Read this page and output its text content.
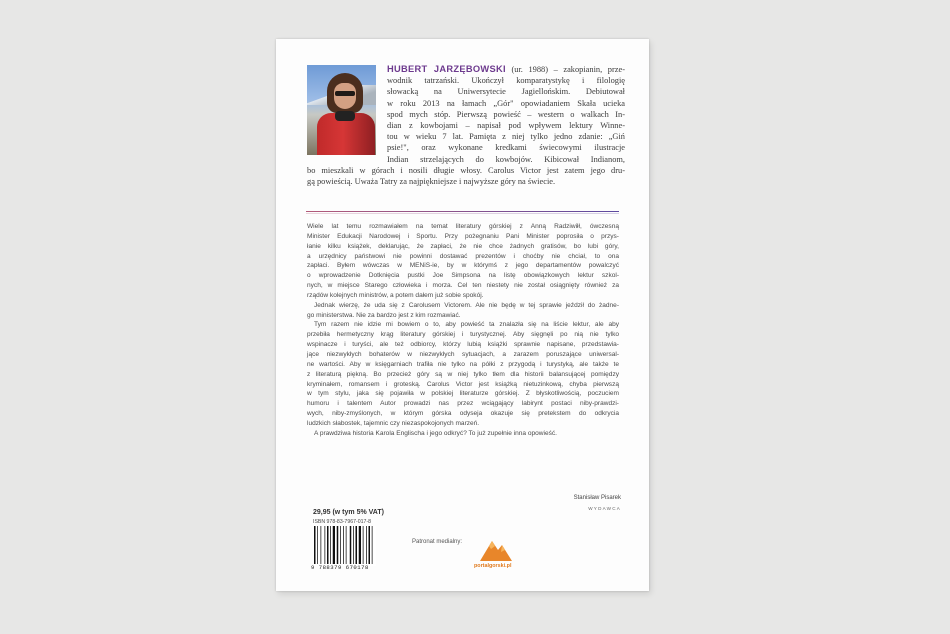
HUBERT JARZĘBOWSKI (ur. 1988) – zakopianin, prze-
wodnik tatrzański. Ukończył komparatystykę i filologię
słowacką na Uniwersytecie Jagiellońskim. Debiutował
w roku 2013 na łamach „Gór" opowiadaniem Skała ucieka
spod mych stóp. Pierwszą powieść – western o walkach In-
dian z kowbojami – napisał pod wpływem lektury Winne-
tou w wieku 7 lat. Pamięta z niej tylko jedno zdanie: „Giń
psie!", oraz wykonane kredkami świecowymi ilustracje
Indian strzelających do kowbojów. Kibicował Indianom,
bo mieszkali w górach i nosili długie włosy. Carolus Victor jest zatem jego dru-
gą powieścią. Uważa Tatry za najpiękniejsze i najwyższe góry na świecie.
Wiele lat temu rozmawiałem na temat literatury górskiej z Anną Radziwiłł, ówczesną
Minister Edukacji Narodowej i Sportu. Przy pożegnaniu Pani Minister poprosiła o przys-
łanie kilku książek, deklarując, że zapłaci, że nie chce żadnych gratisów, bo lubi góry,
a urzędnicy państwowi nie powinni dostawać prezentów i choćby nie chciał, to ona
zapłaci. Byłem wówczas w MENiS-ie, by w którymś z jego departamentów powalczyć
o wprowadzenie Dotknięcia pustki Joe Simpsona na listę obowiązkowych lektur szkol-
nych, w miejsce Starego człowieka i morza. Cel ten niestety nie został osiągnięty również za
rządów kolejnych ministrów, a potem dałem już sobie spokój.
Jednak wierzę, że uda się z Carolusem Victorem. Ale nie będę w tej sprawie jeździł do żadne-
go ministerstwa. Nie za bardzo jest z kim rozmawiać.
Tym razem nie idzie mi bowiem o to, aby powieść ta znalazła się na liście lektur, ale aby
przebiła hermetyczny krąg literatury górskiej i turystycznej. Aby sięgnęli po nią nie tylko
wspinacze i turyści, ale też odbiorcy, którzy lubią książki sprawnie napisane, przedstawia-
jące niezwykłych bohaterów w niezwykłych sytuacjach, a zarazem poruszające uniwersal-
ne wartości. Aby w księgarniach trafiła nie tylko na półki z przygodą i turystyką, ale także te
z literaturą piękną. Bo przecież góry są w niej tylko tłem dla historii balansującej pomiędzy
kryminałem, romansem i groteską. Carolus Victor jest książką nietuzinkową, chyba pierwszą
w tym stylu, jaka się pojawiła w polskiej literaturze górskiej. Z błyskotliwością, poczuciem
humoru i talentem Autor prowadzi nas przez wciągający labirynt postaci niby-prawdzi-
wych, niby-zmyślonych, w którym górska odyseja okazuje się pretekstem do odkrycia
ludzkich słabostek, tajemnic czy niezaspokojonych marzeń.
A prawdziwa historia Karola Englischa i jego odkryć? To już zupełnie inna opowieść.
Stanisław Pisarek
WYDAWCA
29,95 (w tym 5% VAT)
ISBN 978-83-7967-017-8
9 788379 670178
Patronat medialny:
portalgorski.pl
